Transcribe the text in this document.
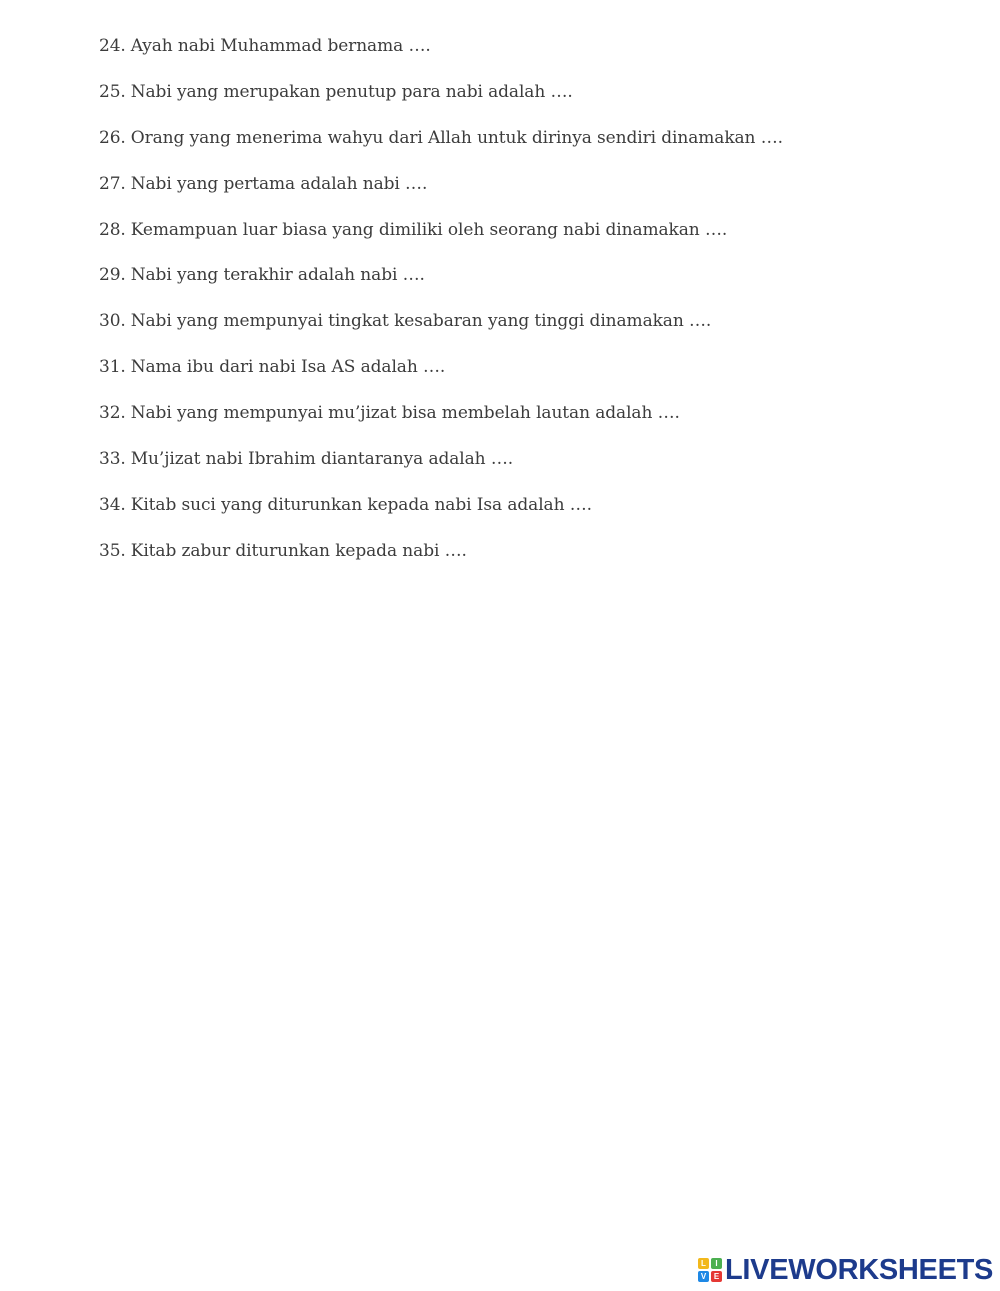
24. Ayah nabi Muhammad bernama ….
25. Nabi yang merupakan penutup para nabi adalah ….
26. Orang yang menerima wahyu dari Allah untuk dirinya sendiri dinamakan ….
27. Nabi yang pertama adalah nabi ….
28. Kemampuan luar biasa yang dimiliki oleh seorang nabi dinamakan ….
29. Nabi yang terakhir adalah nabi ….
30. Nabi yang mempunyai tingkat kesabaran yang tinggi dinamakan ….
31. Nama ibu dari nabi Isa AS adalah ….
32. Nabi yang mempunyai mu’jizat bisa membelah lautan adalah ….
33. Mu’jizat nabi Ibrahim diantaranya adalah ….
34. Kitab suci yang diturunkan kepada nabi Isa adalah ….
35. Kitab zabur diturunkan kepada nabi ….
L	I
V E LIVEWORKSHEETS
